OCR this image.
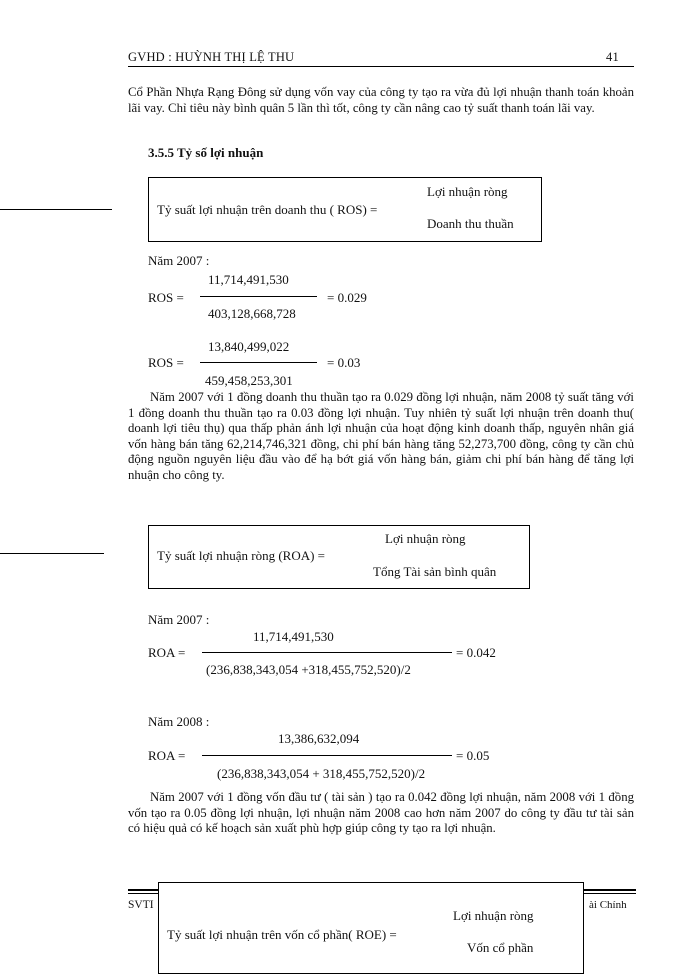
GVHD : HUỲNH THỊ LỆ THU	41
Cổ Phần Nhựa Rạng Đông sử dụng vốn vay của công ty tạo ra vừa đủ lợi nhuận thanh toán khoản lãi vay. Chỉ tiêu này bình quân 5 lần thì tốt, công ty cần nâng cao tỷ suất thanh toán lãi vay.
3.5.5 Tỷ số lợi nhuận
Tỷ suất lợi nhuận trên doanh thu ( ROS) =
Lợi nhuận ròng
Doanh thu thuần
Năm 2007 :
11,714,491,530
ROS =	= 0.029
403,128,668,728
13,840,499,022
ROS =	= 0.03
459,458,253,301
Năm 2007 với 1 đồng doanh thu thuần tạo ra 0.029 đồng lợi nhuận, năm 2008 tỷ suất tăng với 1 đồng doanh thu thuần tạo ra 0.03 đồng lợi nhuận. Tuy nhiên tỷ suất lợi nhuận trên doanh thu( doanh lợi tiêu thụ) qua thấp phản ánh lợi nhuận của hoạt động kinh doanh thấp, nguyên nhân giá vốn hàng bán tăng 62,214,746,321 đồng, chi phí bán hàng tăng 52,273,700 đồng, công ty cần chủ động nguồn nguyên liệu đầu vào để hạ bớt giá vốn hàng bán, giảm chi phí bán hàng để tăng lợi nhuận cho công ty.
Tỷ suất lợi nhuận ròng (ROA) =
Lợi nhuận ròng
Tổng Tài sản bình quân
Năm 2007 :
11,714,491,530
ROA =	= 0.042
(236,838,343,054 +318,455,752,520)/2
Năm 2008 :
13,386,632,094
ROA =	= 0.05
(236,838,343,054 + 318,455,752,520)/2
Năm 2007 với 1 đồng vốn đầu tư ( tài sản ) tạo ra 0.042 đồng lợi nhuận, năm 2008 với 1 đồng vốn tạo ra 0.05 đồng lợi nhuận, lợi nhuận năm 2008 cao hơn năm 2007 do công ty đầu tư tài sản có hiệu quả có kế hoạch sản xuất phù hợp giúp công ty tạo ra lợi nhuận.
SVTI	ài Chính
Tỷ suất lợi nhuận trên vốn cổ phần( ROE) =
Lợi nhuận ròng
Vốn cổ phần
